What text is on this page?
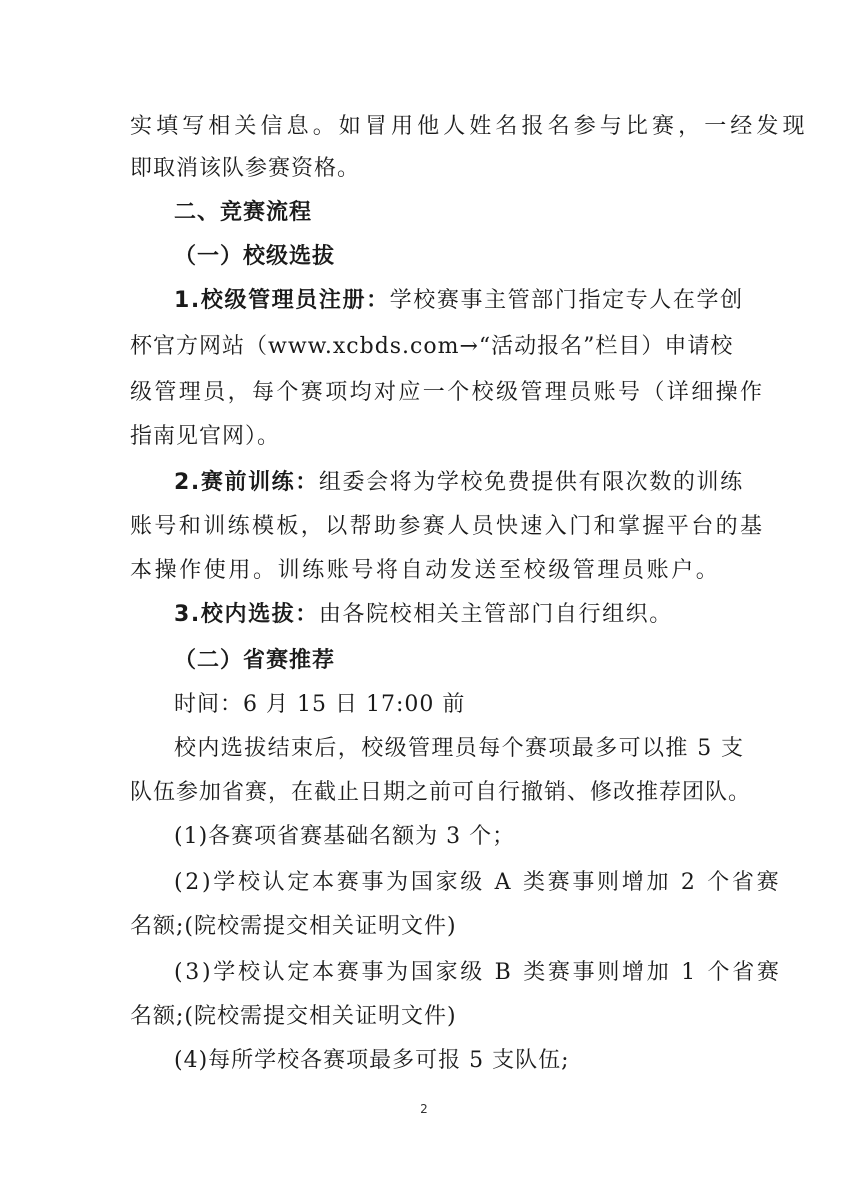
实填写相关信息。如冒用他人姓名报名参与比赛，一经发现
即取消该队参赛资格。
二、竞赛流程
（一）校级选拔
1.校级管理员注册：学校赛事主管部门指定专人在学创
杯官方网站（www.xcbds.com→“活动报名”栏目）申请校
级管理员，每个赛项均对应一个校级管理员账号（详细操作
指南见官网）。
2.赛前训练：组委会将为学校免费提供有限次数的训练
账号和训练模板，以帮助参赛人员快速入门和掌握平台的基
本操作使用。训练账号将自动发送至校级管理员账户。
3.校内选拔：由各院校相关主管部门自行组织。
（二）省赛推荐
时间：6 月 15 日 17:00 前
校内选拔结束后，校级管理员每个赛项最多可以推 5 支
队伍参加省赛，在截止日期之前可自行撤销、修改推荐团队。
(1)各赛项省赛基础名额为 3 个；
(2)学校认定本赛事为国家级 A 类赛事则增加 2 个省赛
名额;(院校需提交相关证明文件)
(3)学校认定本赛事为国家级 B 类赛事则增加 1 个省赛
名额;(院校需提交相关证明文件)
(4)每所学校各赛项最多可报 5 支队伍;
2
